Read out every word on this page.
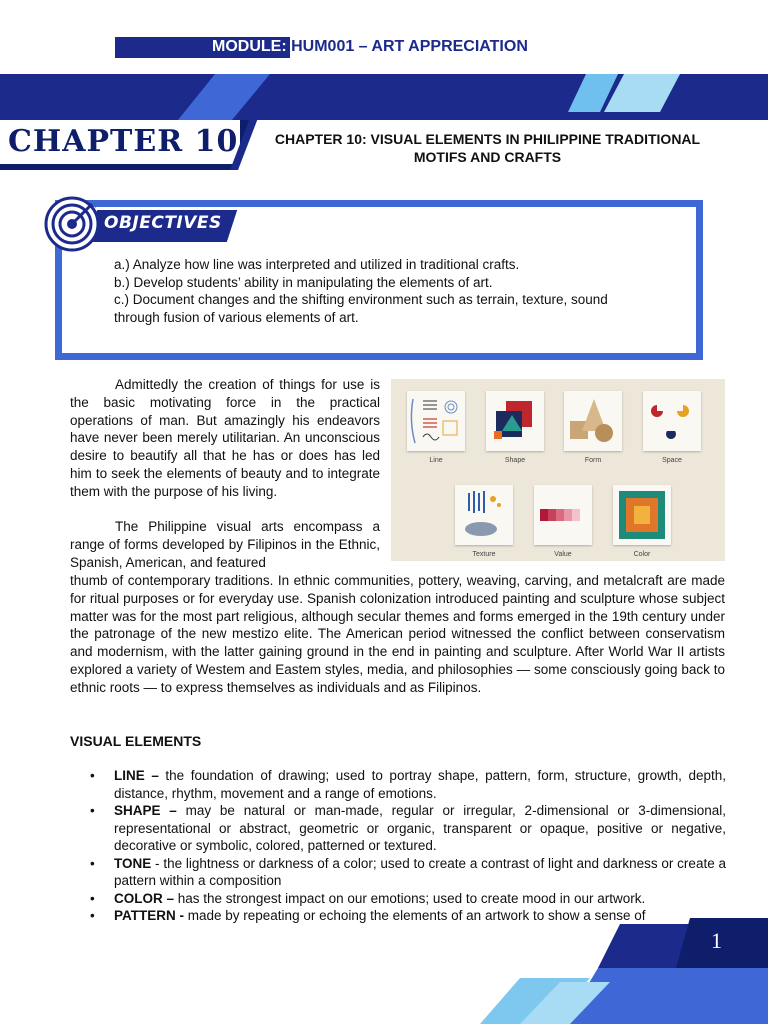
MODULE: HUM001 – ART APPRECIATION
CHAPTER 10	CHAPTER 10: VISUAL ELEMENTS IN PHILIPPINE TRADITIONAL MOTIFS AND CRAFTS
OBJECTIVES

a.) Analyze how line was interpreted and utilized in traditional crafts.

b.) Develop students’ ability in manipulating the elements of art.

c.) Document changes and the shifting environment such as terrain, texture, sound through fusion of various elements of art.

Admittedly the creation of things for use is the basic motivating force in the practical operations of man. But amazingly his endeavors have never been merely utilitarian. An unconscious desire to beautify all that he has or does has led him to seek the elements of beauty and to integrate them with the purpose of his living.

The Philippine visual arts encompass a range of forms developed by Filipinos in the Ethnic, Spanish, American, and featured

thumb of contemporary traditions. In ethnic communities, pottery, weaving, carving, and metalcraft are made for ritual purposes or for everyday use. Spanish colonization introduced painting and sculpture whose subject matter was for the most part religious, although secular themes and forms emerged in the 19th century under the patronage of the new mestizo elite. The American period witnessed the conflict between conservatism and modernism, with the latter gaining ground in the end in painting and sculpture. After World War II artists explored a variety of Westem and Eastem styles, media, and philosophies — some consciously going back to ethnic roots — to express themselves as individuals and as Filipinos.

Line	Shape	Form	Space
Texture	Value	Color
VISUAL ELEMENTS
• LINE – the foundation of drawing; used to portray shape, pattern, form, structure, growth, depth, distance, rhythm, movement and a range of emotions.
• SHAPE – may be natural or man-made, regular or irregular, 2-dimensional or 3-dimensional, representational or abstract, geometric or organic, transparent or opaque, positive or negative, decorative or symbolic, colored, patterned or textured.
• TONE - the lightness or darkness of a color; used to create a contrast of light and darkness or create a pattern within a composition
• COLOR – has the strongest impact on our emotions; used to create mood in our artwork.
• PATTERN - made by repeating or echoing the elements of an artwork to show a sense of
1
